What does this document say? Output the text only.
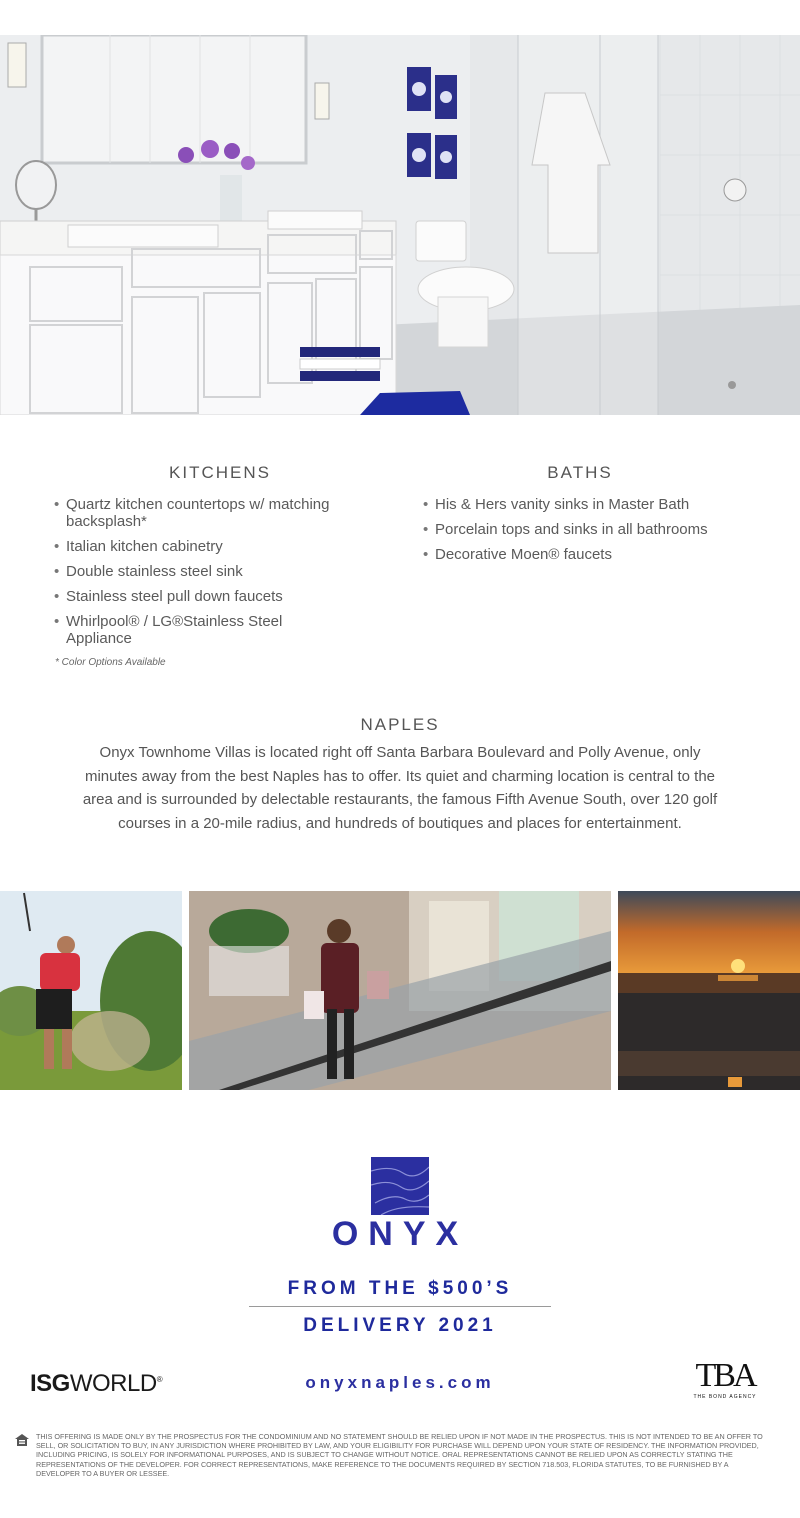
KITCHENS
• Quartz kitchen countertops w/ matching backsplash*
• Italian kitchen cabinetry
• Double stainless steel sink
• Stainless steel pull down faucets
• Whirlpool® / LG®Stainless Steel Appliance
* Color Options Available
BATHS
• His & Hers vanity sinks in Master Bath
• Porcelain tops and sinks in all bathrooms
• Decorative Moen® faucets
NAPLES
Onyx Townhome Villas is located right off Santa Barbara Boulevard and Polly Avenue, only minutes away from the best Naples has to offer. Its quiet and charming location is central to the area and is surrounded by delectable restaurants, the famous Fifth Avenue South, over 120 golf courses in a 20-mile radius, and hundreds of boutiques and places for entertainment.
ONYX
FROM THE $500’S
DELIVERY 2021
ISGWORLD®	onyxnaples.com	TBA
THE BOND AGENCY
THIS OFFERING IS MADE ONLY BY THE PROSPECTUS FOR THE CONDOMINIUM AND NO STATEMENT SHOULD BE RELIED UPON IF NOT MADE IN THE PROSPECTUS. THIS IS NOT INTENDED TO BE AN OFFER TO SELL, OR SOLICITATION TO BUY, IN ANY JURISDICTION WHERE PROHIBITED BY LAW, AND YOUR ELIGIBILITY FOR PURCHASE WILL DEPEND UPON YOUR STATE OF RESIDENCY. THE INFORMATION PROVIDED, INCLUDING PRICING, IS SOLELY FOR INFORMATIONAL PURPOSES, AND IS SUBJECT TO CHANGE WITHOUT NOTICE. ORAL REPRESENTATIONS CANNOT BE RELIED UPON AS CORRECTLY STATING THE REPRESENTATIONS OF THE DEVELOPER. FOR CORRECT REPRESENTATIONS, MAKE REFERENCE TO THE DOCUMENTS REQUIRED BY SECTION 718.503, FLORIDA STATUTES, TO BE FURNISHED BY A DEVELOPER TO A BUYER OR LESSEE.
